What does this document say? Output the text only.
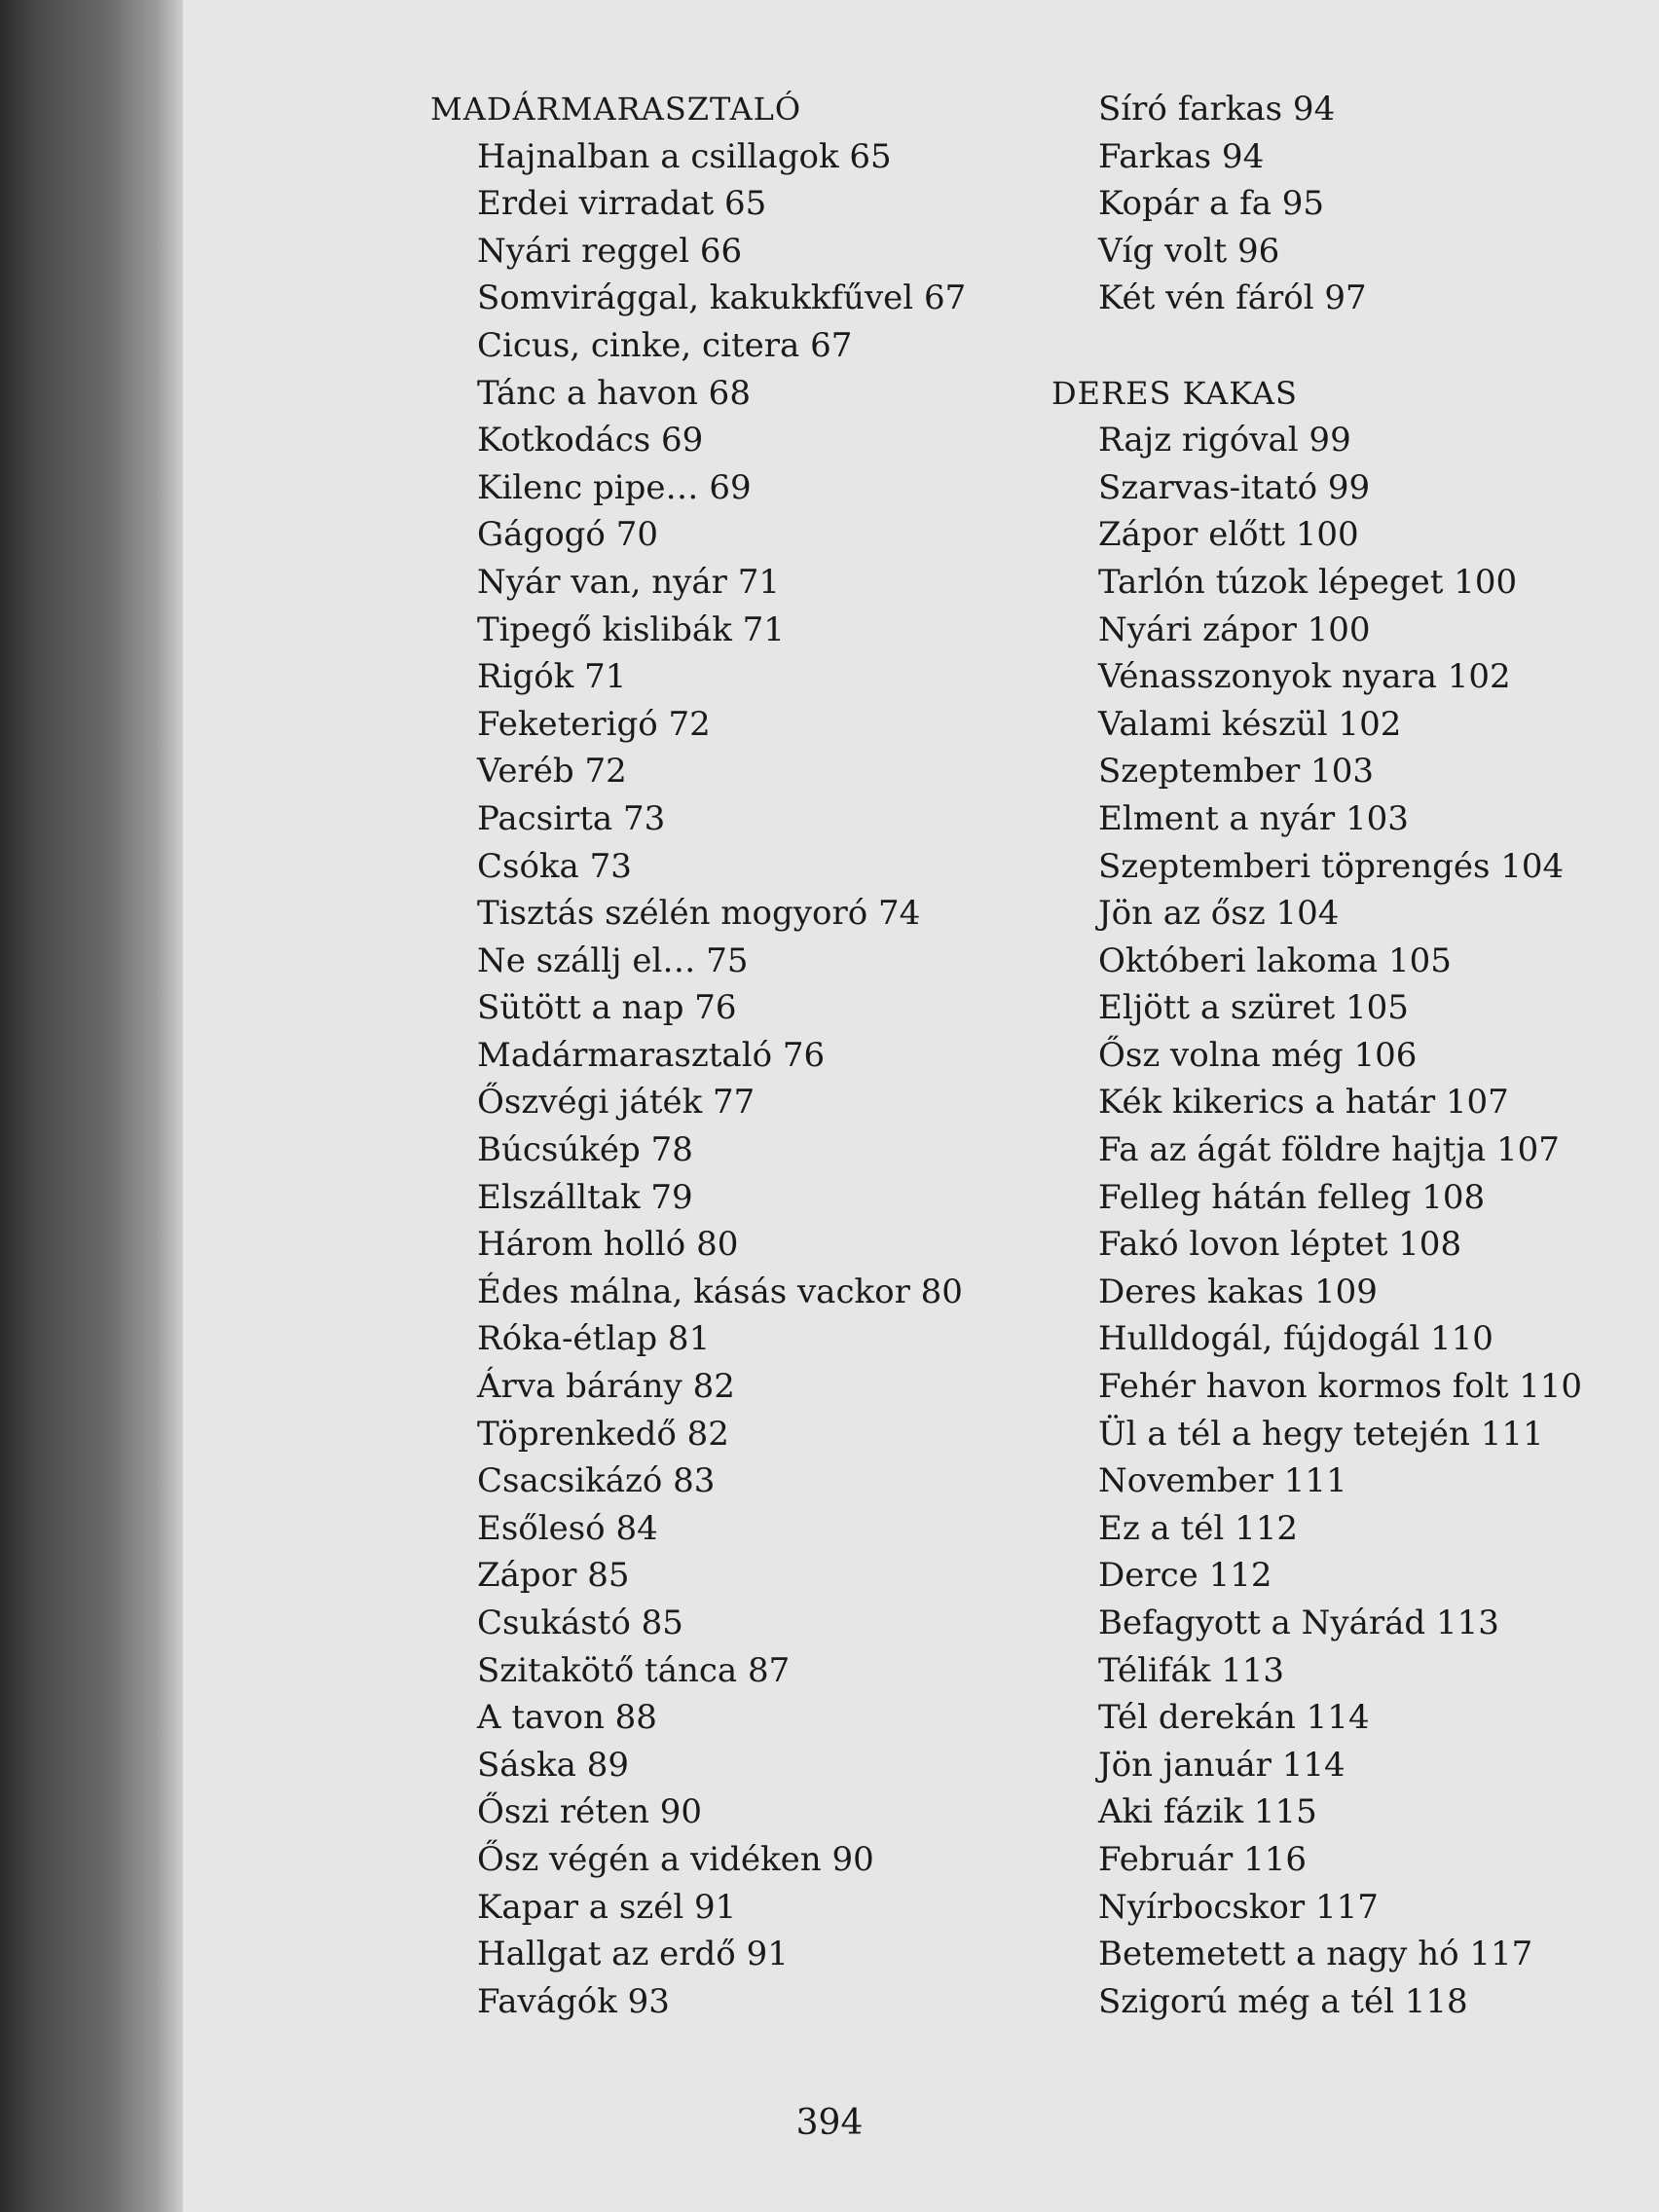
MADÁRMARASZTALÓ
Hajnalban a csillagok 65
Erdei virradat 65
Nyári reggel 66
Somvirággal, kakukkfűvel 67
Cicus, cinke, citera 67
Tánc a havon 68
Kotkodács 69
Kilenc pipe… 69
Gágogó 70
Nyár van, nyár 71
Tipegő kislibák 71
Rigók 71
Feketerigó 72
Veréb 72
Pacsirta 73
Csóka 73
Tisztás szélén mogyoró 74
Ne szállj el… 75
Sütött a nap 76
Madármarasztaló 76
Őszvégi játék 77
Búcsúkép 78
Elszálltak 79
Három holló 80
Édes málna, kásás vackor 80
Róka-étlap 81
Árva bárány 82
Töprenkedő 82
Csacsikázó 83
Esőlesó 84
Zápor 85
Csukástó 85
Szitakötő tánca 87
A tavon 88
Sáska 89
Őszi réten 90
Ősz végén a vidéken 90
Kapar a szél 91
Hallgat az erdő 91
Favágók 93
Síró farkas 94
Farkas 94
Kopár a fa 95
Víg volt 96
Két vén fáról 97
DERES KAKAS
Rajz rigóval 99
Szarvas-itató 99
Zápor előtt 100
Tarlón túzok lépeget 100
Nyári zápor 100
Vénasszonyok nyara 102
Valami készül 102
Szeptember 103
Elment a nyár 103
Szeptemberi töprengés 104
Jön az ősz 104
Októberi lakoma 105
Eljött a szüret 105
Ősz volna még 106
Kék kikerics a határ 107
Fa az ágát földre hajtja 107
Felleg hátán felleg 108
Fakó lovon léptet 108
Deres kakas 109
Hulldogál, fújdogál 110
Fehér havon kormos folt 110
Ül a tél a hegy tetején 111
November 111
Ez a tél 112
Derce 112
Befagyott a Nyárád 113
Télifák 113
Tél derekán 114
Jön január 114
Aki fázik 115
Február 116
Nyírbocskor 117
Betemetett a nagy hó 117
Szigorú még a tél 118
394
